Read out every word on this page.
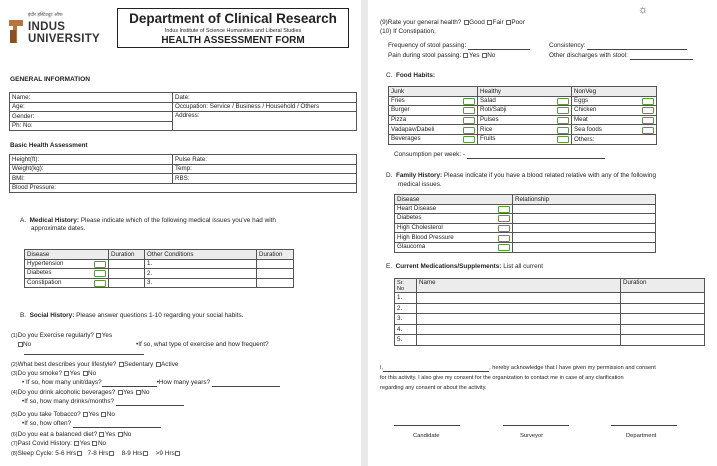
इंदौर इंस्टिट्यूट ऑफ
INDUS
UNIVERSITY
Department of Clinical Research
Indus Institute of Science Humanities and Liberal Studies
HEALTH ASSESSMENT FORM
GENERAL INFORMATION
Name:	Date:
Age:	Occupation: Service / Business / Household / Others
Gender:	Address:
Ph: No:	
Basic Health Assessment
Height(ft):	Pulse Rate:
Weight(kg):	Temp:
BMI:	RBS:
Blood Pressure:	
A. Medical History: Please indicate which of the following medical issues you've had with
approximate dates.
Disease	Duration	Other Conditions	Duration
Hypertension		1.	
Diabetes		2.	
Constipation		3.	
B. Social History: Please answer questions 1-10 regarding your social habits.
(1)Do you Exercise regularly? Yes
No	•If so, what type of exercise and how frequent?
(2)What best describes your lifestyle? Sedentary Active
(3)Do you smoke? Yes No
• If so, how many unit/days?	•How many years?
(4)Do you drink alcoholic beverages? Yes No
•If so, how many drinks/months?
(5)Do you take Tobacco? Yes No
•If so, how often?
(6)Do you eat a balanced diet? Yes No
(7)Past Covid History: Yes No
(8)Sleep Cycle: 5-6 Hrs 7-8 Hrs 8-9 Hrs >9 Hrs
☼
(9)Rate your general health? Good Fair Poor
(10) If Constipation,
Frequency of stool passing:	Consistency:
Pain during stool passing: Yes No	Other discharges with stool:
C. Food Habits:
Junk	Healthy	NonVeg
Fries	Salad	Eggs

Burger	Roti/Sabji	Chicken

Pizza	Pulses	Meat

Vadapav/Dabeli	Rice	Sea foods

Beverages	Fruits	Others:
Consumption per week: -
D. Family History: Please indicate if you have a blood related relative with any of the following
medical issues.
Disease	Relationship
Heart Disease

Diabetes

High Cholesterol

High Blood Pressure

Glaucoma

E. Current Medications/Supplements: List all current
Sr.
No	Name	Duration
1.		
2.		
3.		
4.		
5.		
I,	, hereby acknowledge that I have given my permission and consent
for this activity. I also give my consent for the organization to contact me in case of any clarification
regarding any consent or about the activity.
Candidate	Surveyor	Department
